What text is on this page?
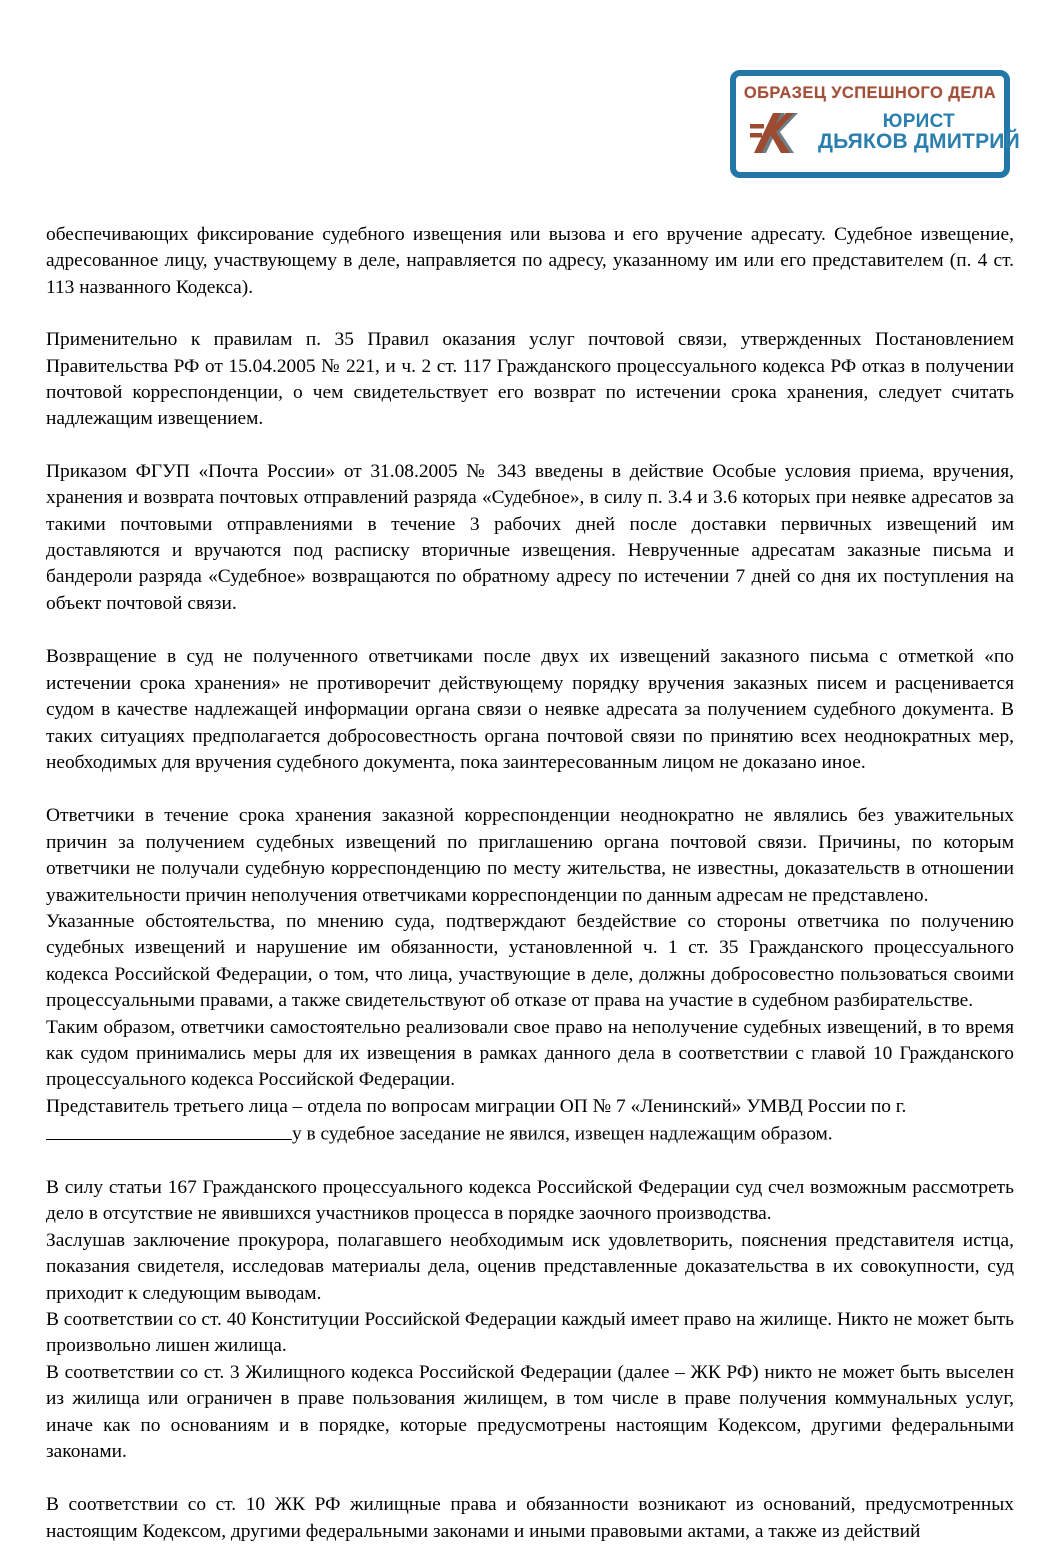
ОБРАЗЕЦ УСПЕШНОГО ДЕЛА
ЮРИСТ
ДЬЯКОВ ДМИТРИЙ

обеспечивающих фиксирование судебного извещения или вызова и его вручение адресату. Судебное извещение, адресованное лицу, участвующему в деле, направляется по адресу, указанному им или его представителем (п. 4 ст. 113 названного Кодекса).

Применительно к правилам п. 35 Правил оказания услуг почтовой связи, утвержденных Постановлением Правительства РФ от 15.04.2005 № 221, и ч. 2 ст. 117 Гражданского процессуального кодекса РФ отказ в получении почтовой корреспонденции, о чем свидетельствует его возврат по истечении срока хранения, следует считать надлежащим извещением.

Приказом ФГУП «Почта России» от 31.08.2005 № 343 введены в действие Особые условия приема, вручения, хранения и возврата почтовых отправлений разряда «Судебное», в силу п. 3.4 и 3.6 которых при неявке адресатов за такими почтовыми отправлениями в течение 3 рабочих дней после доставки первичных извещений им доставляются и вручаются под расписку вторичные извещения. Неврученные адресатам заказные письма и бандероли разряда «Судебное» возвращаются по обратному адресу по истечении 7 дней со дня их поступления на объект почтовой связи.

Возвращение в суд не полученного ответчиками после двух их извещений заказного письма с отметкой «по истечении срока хранения» не противоречит действующему порядку вручения заказных писем и расценивается судом в качестве надлежащей информации органа связи о неявке адресата за получением судебного документа. В таких ситуациях предполагается добросовестность органа почтовой связи по принятию всех неоднократных мер, необходимых для вручения судебного документа, пока заинтересованным лицом не доказано иное.

Ответчики в течение срока хранения заказной корреспонденции неоднократно не являлись без уважительных причин за получением судебных извещений по приглашению органа почтовой связи. Причины, по которым ответчики не получали судебную корреспонденцию по месту жительства, не известны, доказательств в отношении уважительности причин неполучения ответчиками корреспонденции по данным адресам не представлено.

Указанные обстоятельства, по мнению суда, подтверждают бездействие со стороны ответчика по получению судебных извещений и нарушение им обязанности, установленной ч. 1 ст. 35 Гражданского процессуального кодекса Российской Федерации, о том, что лица, участвующие в деле, должны добросовестно пользоваться своими процессуальными правами, а также свидетельствуют об отказе от права на участие в судебном разбирательстве.

Таким образом, ответчики самостоятельно реализовали свое право на неполучение судебных извещений, в то время как судом принимались меры для их извещения в рамках данного дела в соответствии с главой 10 Гражданского процессуального кодекса Российской Федерации.

Представитель третьего лица – отдела по вопросам миграции ОП № 7 «Ленинский» УМВД России по г.

у в судебное заседание не явился, извещен надлежащим образом.

В силу статьи 167 Гражданского процессуального кодекса Российской Федерации суд счел возможным рассмотреть дело в отсутствие не явившихся участников процесса в порядке заочного производства.

Заслушав заключение прокурора, полагавшего необходимым иск удовлетворить, пояснения представителя истца, показания свидетеля, исследовав материалы дела, оценив представленные доказательства в их совокупности, суд приходит к следующим выводам.

В соответствии со ст. 40 Конституции Российской Федерации каждый имеет право на жилище. Никто не может быть произвольно лишен жилища.

В соответствии со ст. 3 Жилищного кодекса Российской Федерации (далее – ЖК РФ) никто не может быть выселен из жилища или ограничен в праве пользования жилищем, в том числе в праве получения коммунальных услуг, иначе как по основаниям и в порядке, которые предусмотрены настоящим Кодексом, другими федеральными законами.

В соответствии со ст. 10 ЖК РФ жилищные права и обязанности возникают из оснований, предусмотренных настоящим Кодексом, другими федеральными законами и иными правовыми актами, а также из действий
